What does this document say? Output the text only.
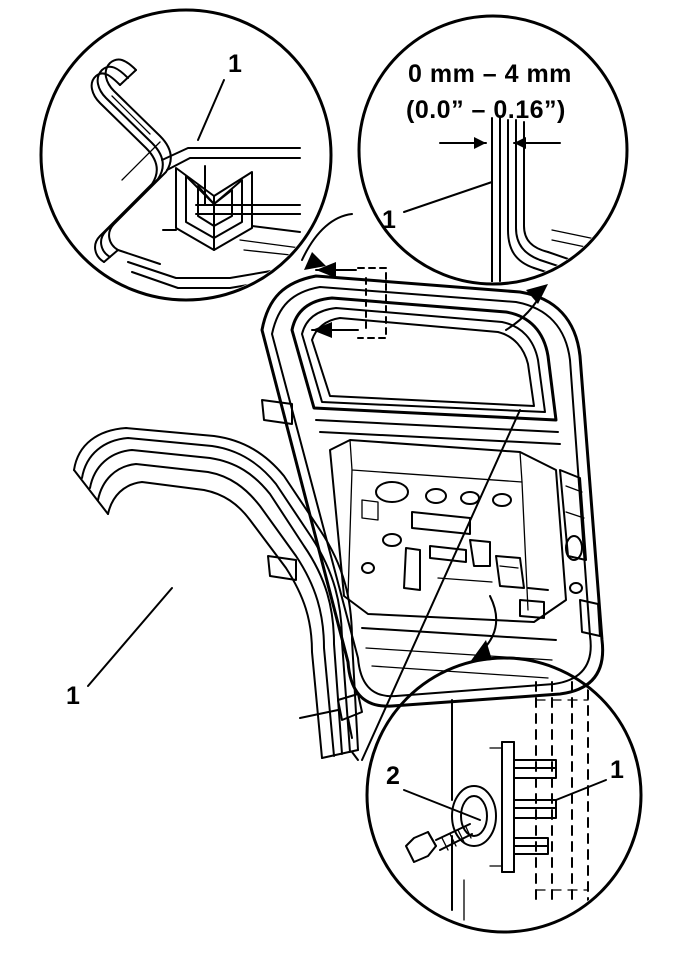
0 mm – 4 mm
(0.0” – 0.16”)
1
1
1
2	1
